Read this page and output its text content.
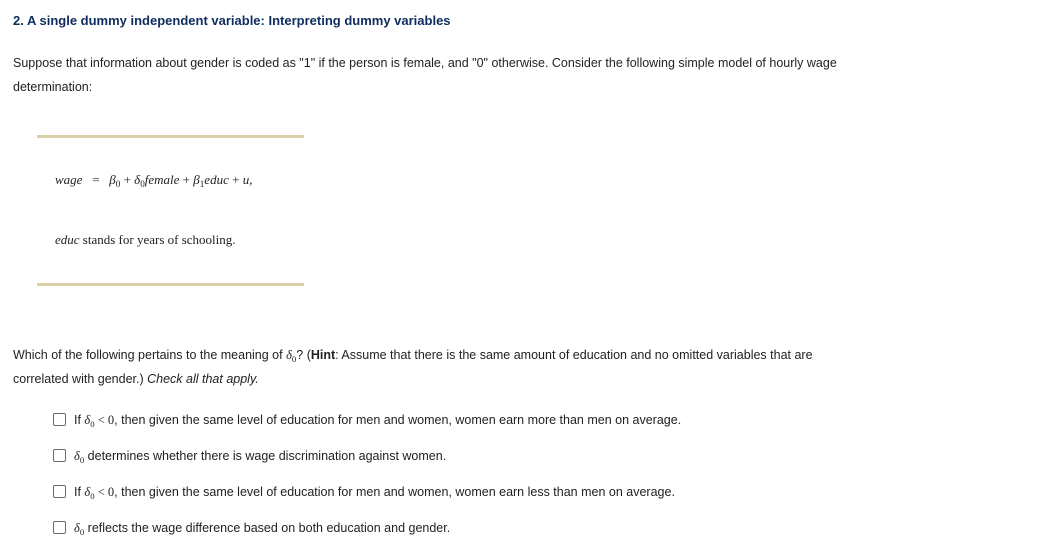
2. A single dummy independent variable: Interpreting dummy variables

Suppose that information about gender is coded as "1" if the person is female, and "0" otherwise. Consider the following simple model of hourly wage
determination:

wage = $\beta_0$ + $\delta_0female$ + $\beta_1educ + u$,
educ stands for years of schooling.

Which of the following pertains to the meaning of $\delta_0$? (Hint: Assume that there is the same amount of education and no omitted variables that are
correlated with gender.) Check all that apply.

If $\delta_0 < 0$, then given the same level of education for men and women, women earn more than men on average.
$\delta_0$ determines whether there is wage discrimination against women.
If $\delta_0 < 0$, then given the same level of education for men and women, women earn less than men on average.
$\delta_0$ reflects the wage difference based on both education and gender.
